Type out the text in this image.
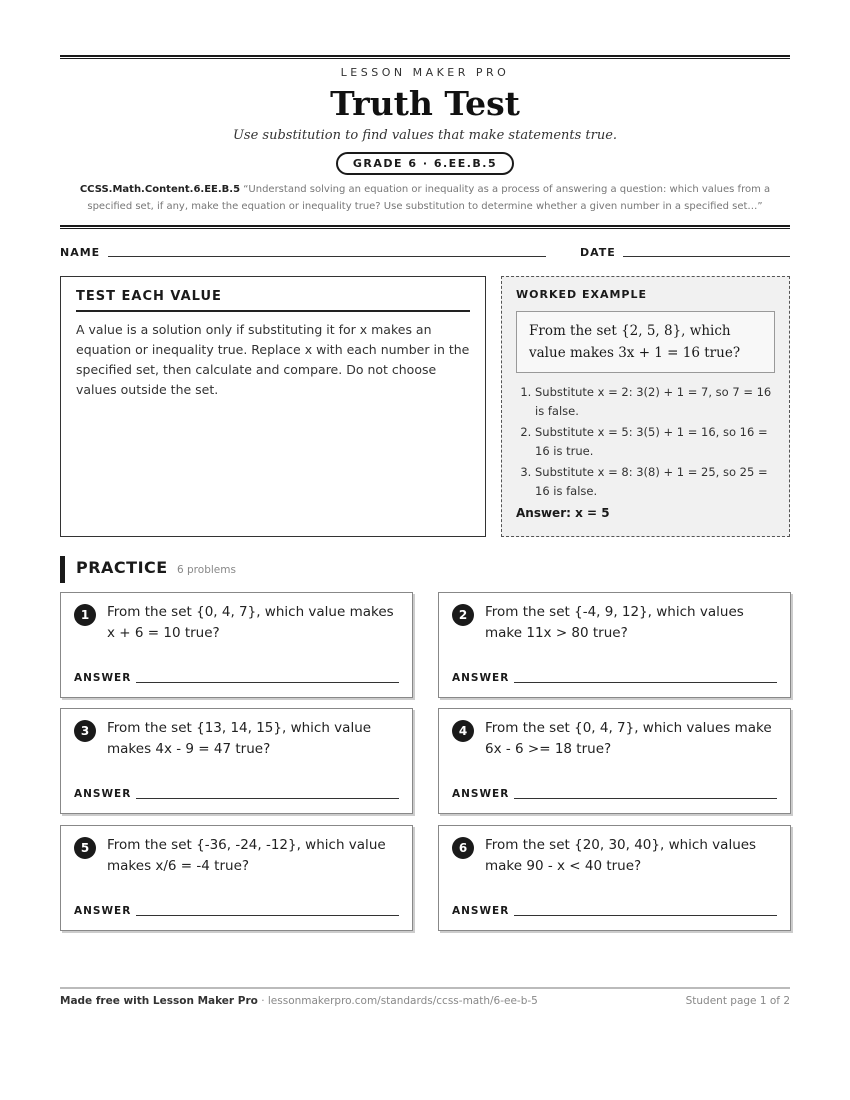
LESSON MAKER PRO
Truth Test
Use substitution to find values that make statements true.
GRADE 6 · 6.EE.B.5
CCSS.Math.Content.6.EE.B.5 “Understand solving an equation or inequality as a process of answering a question: which values from a specified set, if any, make the equation or inequality true? Use substitution to determine whether a given number in a specified set…”
NAME	DATE
TEST EACH VALUE

A value is a solution only if substituting it for x makes an equation or inequality true. Replace x with each number in the specified set, then calculate and compare. Do not choose values outside the set.

WORKED EXAMPLE
From the set {2, 5, 8}, which value makes 3x + 1 = 16 true?
1. Substitute x = 2: 3(2) + 1 = 7, so 7 = 16 is false.
2. Substitute x = 5: 3(5) + 1 = 16, so 16 = 16 is true.
3. Substitute x = 8: 3(8) + 1 = 25, so 25 = 16 is false.
Answer: x = 5
PRACTICE 6 problems
1	From the set {0, 4, 7}, which value makes x + 6 = 10 true?
ANSWER
2	From the set {-4, 9, 12}, which values make 11x > 80 true?
ANSWER
3	From the set {13, 14, 15}, which value makes 4x - 9 = 47 true?
ANSWER
4	From the set {0, 4, 7}, which values make 6x - 6 >= 18 true?
ANSWER
5	From the set {-36, -24, -12}, which value makes x/6 = -4 true?
ANSWER
6	From the set {20, 30, 40}, which values make 90 - x < 40 true?
ANSWER
Made free with Lesson Maker Pro · lessonmakerpro.com/standards/ccss-math/6-ee-b-5	Student page 1 of 2
